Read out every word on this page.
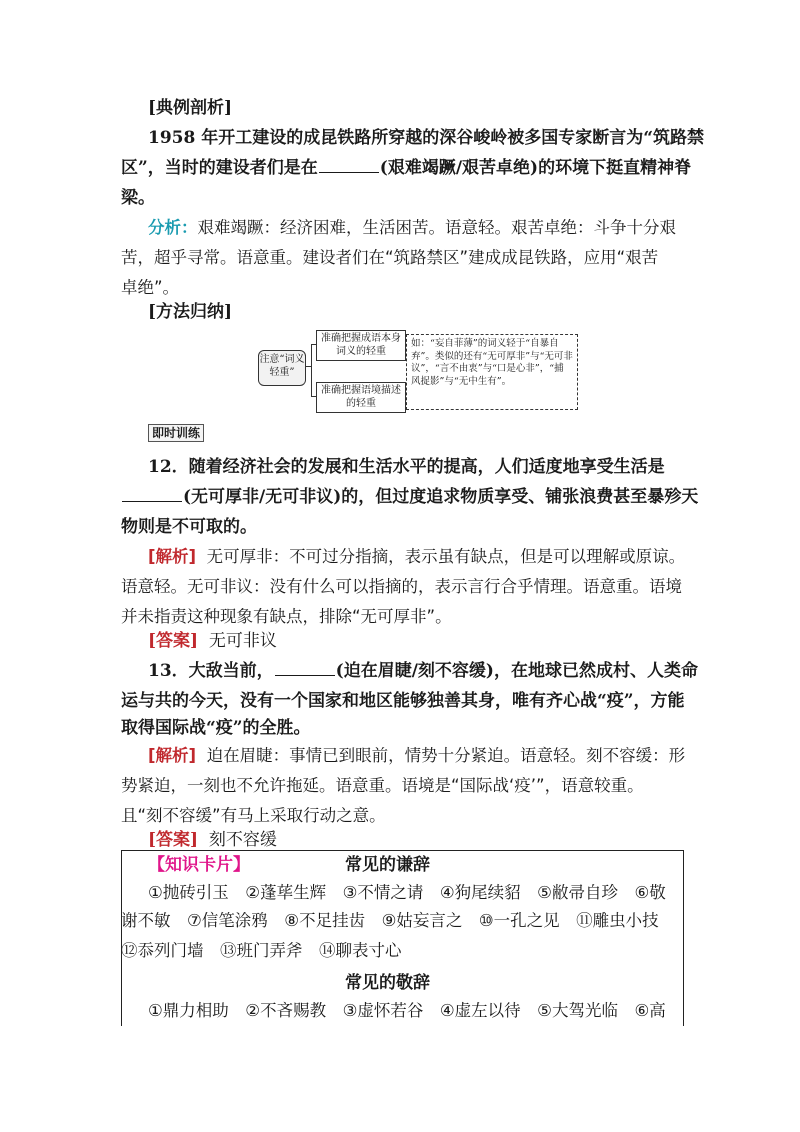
[典例剖析]
1958 年开工建设的成昆铁路所穿越的深谷峻岭被多国专家断言为“筑路禁
区”，当时的建设者们是在	(艰难竭蹶/艰苦卓绝)的环境下挺直精神脊
梁。
分析：艰难竭蹶：经济困难，生活困苦。语意轻。艰苦卓绝：斗争十分艰
苦，超乎寻常。语意重。建设者们在“筑路禁区”建成成昆铁路，应用“艰苦
卓绝”。
[方法归纳]
注意“词义轻重”
准确把握成语本身词义的轻重
准确把握语境描述的轻重
如：“妄自菲薄”的词义轻于“自暴自弃”。类似的还有“无可厚非”与“无可非议”，“言不由衷”与“口是心非”，“捕风捉影”与“无中生有”。
即时训练
12．随着经济社会的发展和生活水平的提高，人们适度地享受生活是
(无可厚非/无可非议)的，但过度追求物质享受、铺张浪费甚至暴殄天
物则是不可取的。
[解析] 无可厚非：不可过分指摘，表示虽有缺点，但是可以理解或原谅。
语意轻。无可非议：没有什么可以指摘的，表示言行合乎情理。语意重。语境
并未指责这种现象有缺点，排除“无可厚非”。
[答案] 无可非议
13．大敌当前，	(迫在眉睫/刻不容缓)，在地球已然成村、人类命
运与共的今天，没有一个国家和地区能够独善其身，唯有齐心战“疫”，方能
取得国际战“疫”的全胜。
[解析] 迫在眉睫：事情已到眼前，情势十分紧迫。语意轻。刻不容缓：形
势紧迫，一刻也不允许拖延。语意重。语境是“国际战‘疫’”，语意较重。
且“刻不容缓”有马上采取行动之意。
[答案] 刻不容缓
【知识卡片】	常见的谦辞
①抛砖引玉　②蓬荜生辉　③不情之请　④狗尾续貂　⑤敝帚自珍　⑥敬
谢不敏　⑦信笔涂鸦　⑧不足挂齿　⑨姑妄言之　⑩一孔之见　⑪雕虫小技
⑫忝列门墙　⑬班门弄斧　⑭聊表寸心
常见的敬辞
①鼎力相助　②不吝赐教　③虚怀若谷　④虚左以待　⑤大驾光临　⑥高
